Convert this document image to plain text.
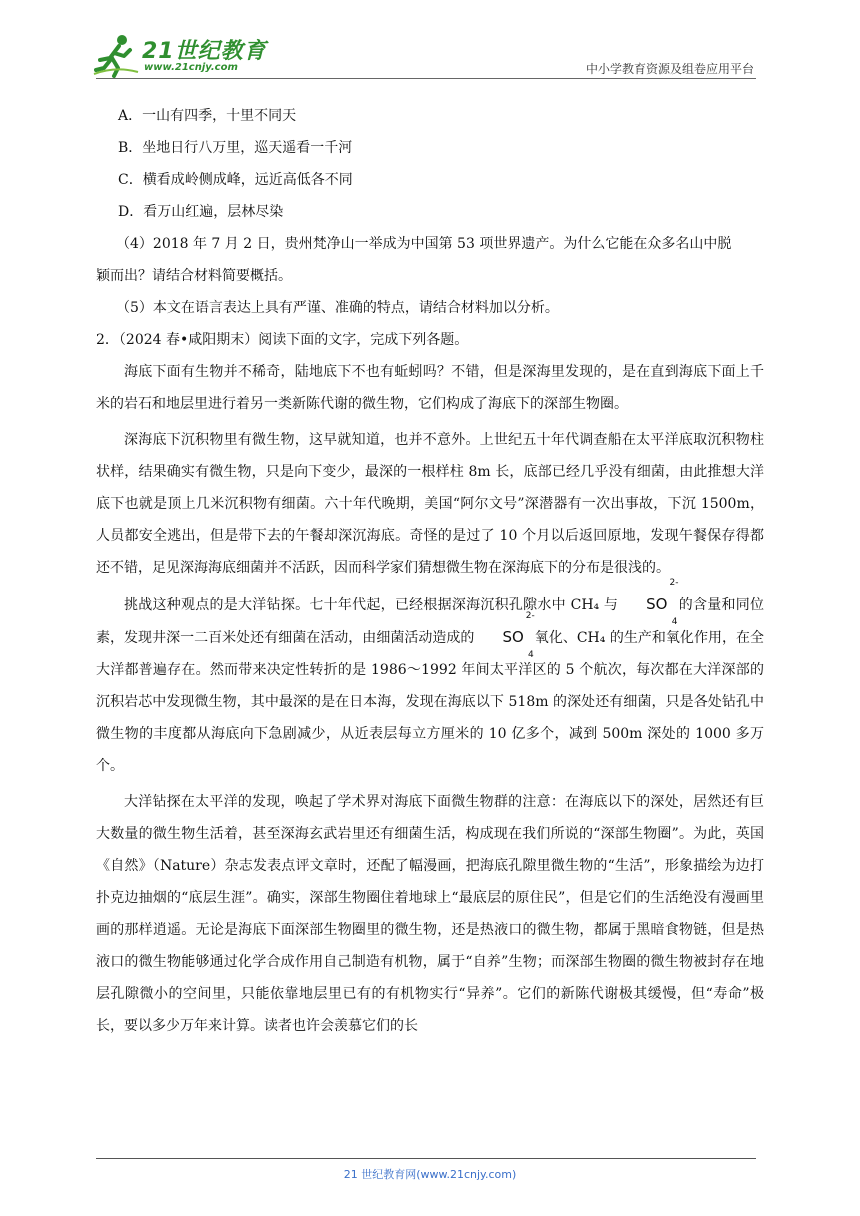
21世纪教育
www.21cnjy.com	中小学教育资源及组卷应用平台

A．一山有四季，十里不同天

B．坐地日行八万里，巡天遥看一千河

C．横看成岭侧成峰，远近高低各不同

D．看万山红遍，层林尽染

（4）2018 年 7 月 2 日，贵州梵净山一举成为中国第 53 项世界遗产。为什么它能在众多名山中脱

颖而出？请结合材料简要概括。

（5）本文在语言表达上具有严谨、准确的特点，请结合材料加以分析。

2．（2024 春•咸阳期末）阅读下面的文字，完成下列各题。

海底下面有生物并不稀奇，陆地底下不也有蚯蚓吗？不错，但是深海里发现的，是在直到海底下面上千米的岩石和地层里进行着另一类新陈代谢的微生物，它们构成了海底下的深部生物圈。

深海底下沉积物里有微生物，这早就知道，也并不意外。上世纪五十年代调查船在太平洋底取沉积物柱状样，结果确实有微生物，只是向下变少，最深的一根样柱 8m 长，底部已经几乎没有细菌，由此推想大洋底下也就是顶上几米沉积物有细菌。六十年代晚期，美国“阿尔文号”深潜器有一次出事故，下沉 1500m，人员都安全逃出，但是带下去的午餐却深沉海底。奇怪的是过了 10 个月以后返回原地，发现午餐保存得都还不错，足见深海海底细菌并不活跃，因而科学家们猜想微生物在深海底下的分布是很浅的。

挑战这种观点的是大洋钻探。七十年代起，已经根据深海沉积孔隙水中 CH₄ 与 SO
2-
4
的含量和同位素，发现井深一二百米处还有细菌在活动，由细菌活动造成的 SO
2-
4
氧化、CH₄ 的生产和氧化作用，在全大洋都普遍存在。然而带来决定性转折的是 1986～1992 年间太平洋区的 5 个航次，每次都在大洋深部的沉积岩芯中发现微生物，其中最深的是在日本海，发现在海底以下 518m 的深处还有细菌，只是各处钻孔中微生物的丰度都从海底向下急剧减少，从近表层每立方厘米的 10 亿多个，减到 500m 深处的 1000 多万个。

大洋钻探在太平洋的发现，唤起了学术界对海底下面微生物群的注意：在海底以下的深处，居然还有巨大数量的微生物生活着，甚至深海玄武岩里还有细菌生活，构成现在我们所说的“深部生物圈”。为此，英国《自然》（Nature）杂志发表点评文章时，还配了幅漫画，把海底孔隙里微生物的“生活”，形象描绘为边打扑克边抽烟的“底层生涯”。确实，深部生物圈住着地球上“最底层的原住民”，但是它们的生活绝没有漫画里画的那样逍遥。无论是海底下面深部生物圈里的微生物，还是热液口的微生物，都属于黑暗食物链，但是热液口的微生物能够通过化学合成作用自己制造有机物，属于“自养”生物；而深部生物圈的微生物被封存在地层孔隙微小的空间里，只能依靠地层里已有的有机物实行“异养”。它们的新陈代谢极其缓慢，但“寿命”极长，要以多少万年来计算。读者也许会羡慕它们的长

21 世纪教育网(www.21cnjy.com)
